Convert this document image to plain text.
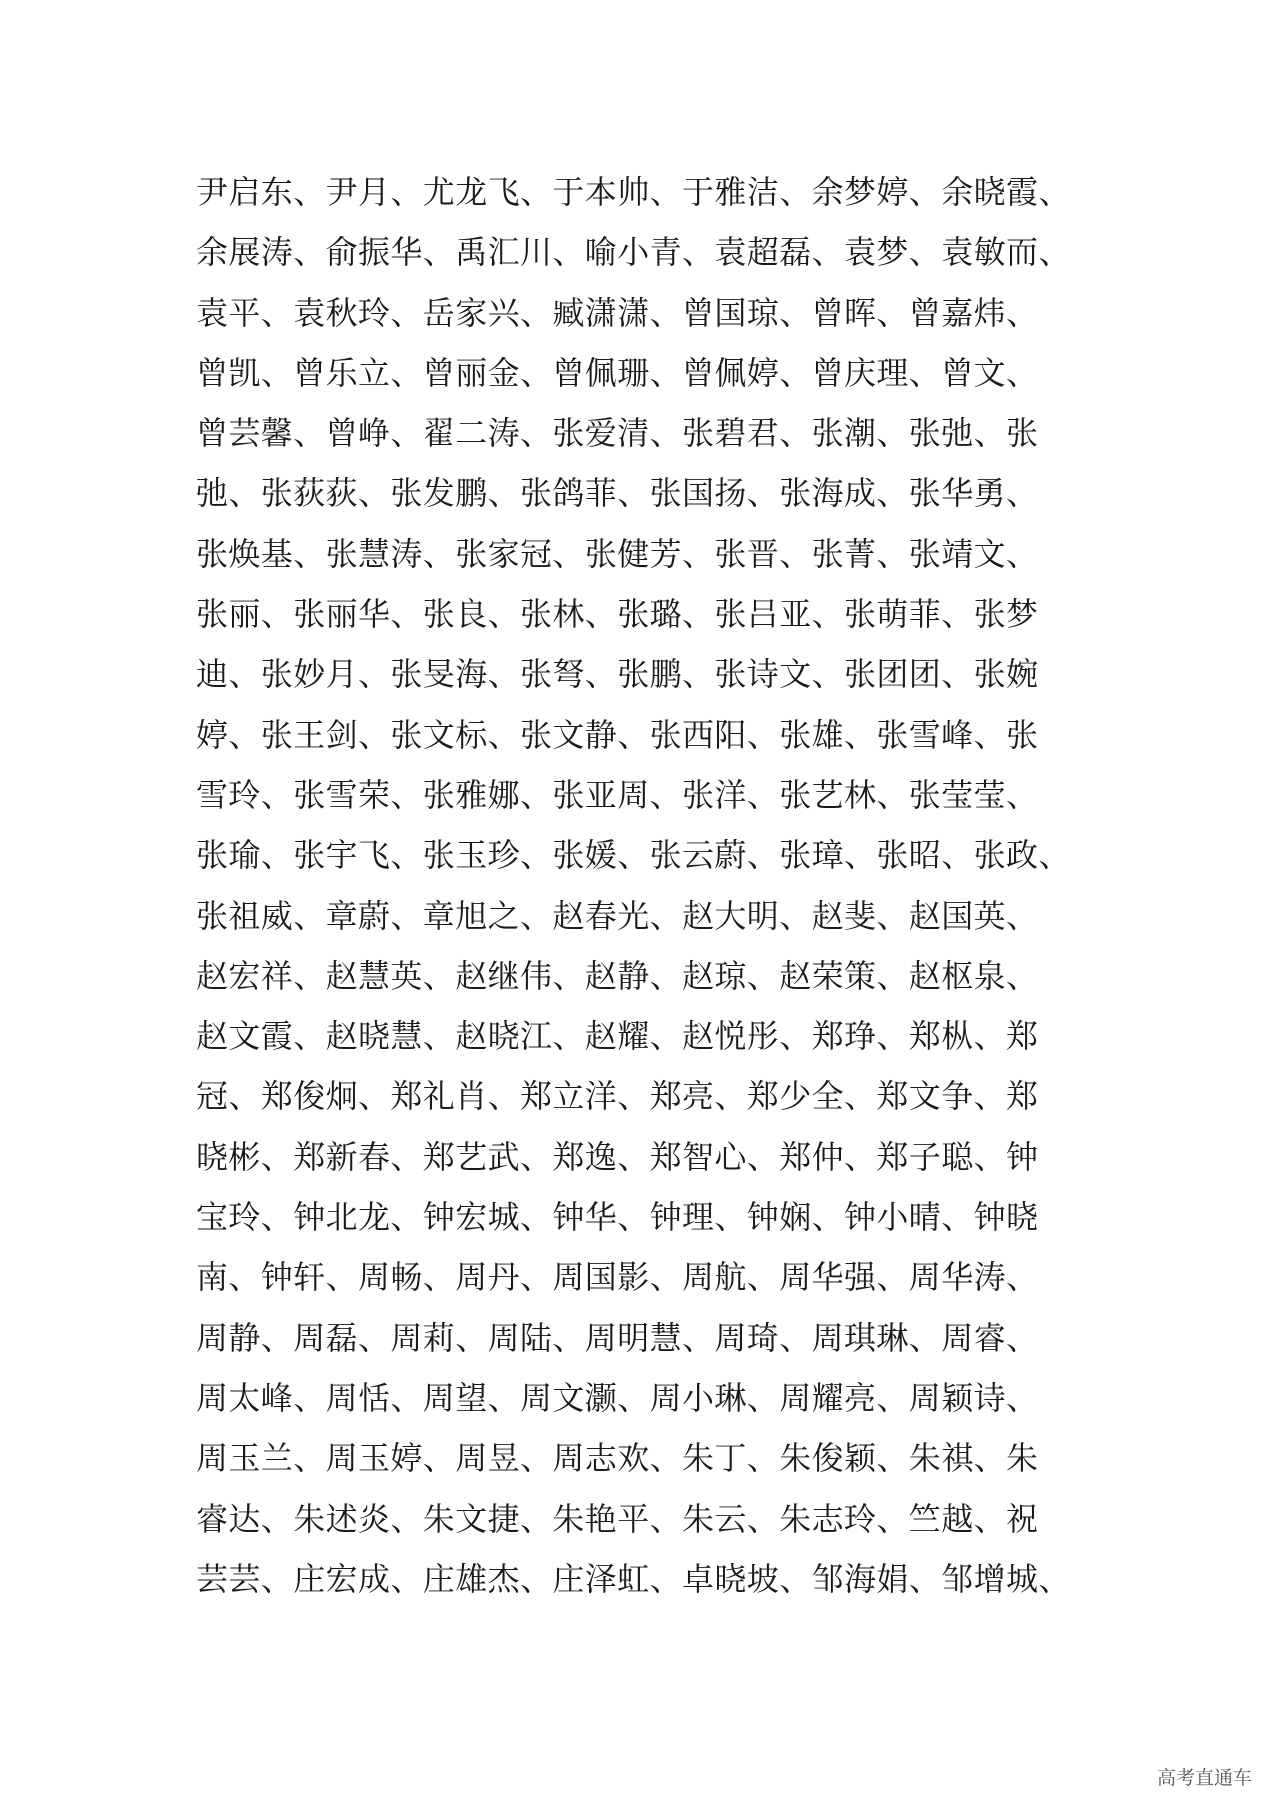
尹启东、尹月、尤龙飞、于本帅、于雅洁、余梦婷、余晓霞、
余展涛、俞振华、禹汇川、喻小青、袁超磊、袁梦、袁敏而、
袁平、袁秋玲、岳家兴、臧潇潇、曾国琼、曾晖、曾嘉炜、
曾凯、曾乐立、曾丽金、曾佩珊、曾佩婷、曾庆理、曾文、
曾芸馨、曾峥、翟二涛、张爱清、张碧君、张潮、张弛、张
弛、张荻荻、张发鹏、张鸽菲、张国扬、张海成、张华勇、
张焕基、张慧涛、张家冠、张健芳、张晋、张菁、张靖文、
张丽、张丽华、张良、张林、张璐、张吕亚、张萌菲、张梦
迪、张妙月、张旻海、张弩、张鹏、张诗文、张团团、张婉
婷、张王剑、张文标、张文静、张西阳、张雄、张雪峰、张
雪玲、张雪荣、张雅娜、张亚周、张洋、张艺林、张莹莹、
张瑜、张宇飞、张玉珍、张媛、张云蔚、张璋、张昭、张政、
张祖威、章蔚、章旭之、赵春光、赵大明、赵斐、赵国英、
赵宏祥、赵慧英、赵继伟、赵静、赵琼、赵荣策、赵枢泉、
赵文霞、赵晓慧、赵晓江、赵耀、赵悦彤、郑琤、郑枞、郑
冠、郑俊炯、郑礼肖、郑立洋、郑亮、郑少全、郑文争、郑
晓彬、郑新春、郑艺武、郑逸、郑智心、郑仲、郑子聪、钟
宝玲、钟北龙、钟宏城、钟华、钟理、钟娴、钟小晴、钟晓
南、钟轩、周畅、周丹、周国影、周航、周华强、周华涛、
周静、周磊、周莉、周陆、周明慧、周琦、周琪琳、周睿、
周太峰、周恬、周望、周文灏、周小琳、周耀亮、周颖诗、
周玉兰、周玉婷、周昱、周志欢、朱丁、朱俊颖、朱祺、朱
睿达、朱述炎、朱文捷、朱艳平、朱云、朱志玲、竺越、祝
芸芸、庄宏成、庄雄杰、庄泽虹、卓晓坡、邹海娟、邹增城、
高考直通车
